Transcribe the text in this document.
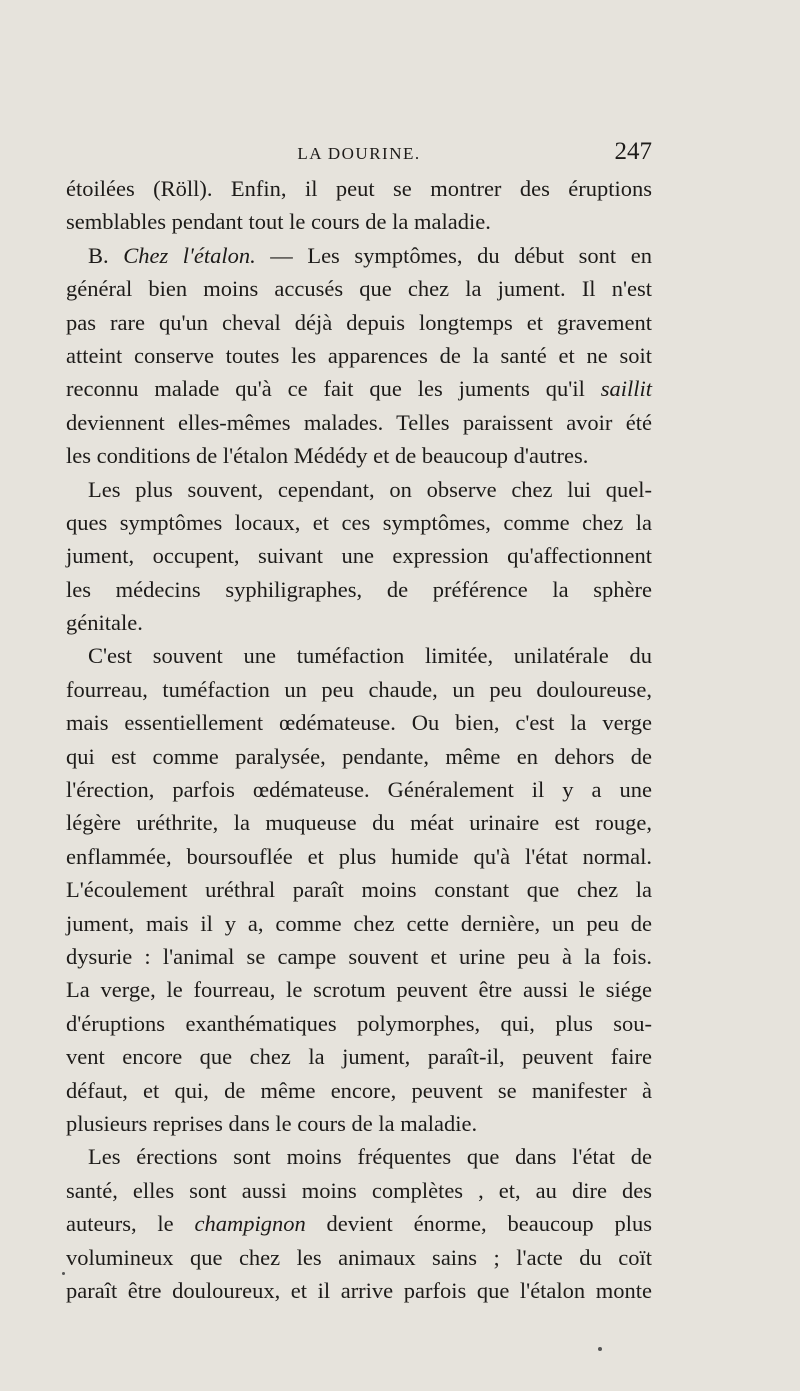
LA DOURINE.	247
étoilées (Röll). Enfin, il peut se montrer des éruptions
semblables pendant tout le cours de la maladie.
B. Chez l'étalon. — Les symptômes, du début sont en
général bien moins accusés que chez la jument. Il n'est
pas rare qu'un cheval déjà depuis longtemps et gravement
atteint conserve toutes les apparences de la santé et ne soit
reconnu malade qu'à ce fait que les juments qu'il saillit
deviennent elles-mêmes malades. Telles paraissent avoir été
les conditions de l'étalon Médédy et de beaucoup d'autres.
Les plus souvent, cependant, on observe chez lui quel-
ques symptômes locaux, et ces symptômes, comme chez la
jument, occupent, suivant une expression qu'affectionnent
les médecins syphiligraphes, de préférence la sphère
génitale.
C'est souvent une tuméfaction limitée, unilatérale du
fourreau, tuméfaction un peu chaude, un peu douloureuse,
mais essentiellement œdémateuse. Ou bien, c'est la verge
qui est comme paralysée, pendante, même en dehors de
l'érection, parfois œdémateuse. Généralement il y a une
légère uréthrite, la muqueuse du méat urinaire est rouge,
enflammée, boursouflée et plus humide qu'à l'état normal.
L'écoulement uréthral paraît moins constant que chez la
jument, mais il y a, comme chez cette dernière, un peu de
dysurie : l'animal se campe souvent et urine peu à la fois.
La verge, le fourreau, le scrotum peuvent être aussi le siége
d'éruptions exanthématiques polymorphes, qui, plus sou-
vent encore que chez la jument, paraît-il, peuvent faire
défaut, et qui, de même encore, peuvent se manifester à
plusieurs reprises dans le cours de la maladie.
Les érections sont moins fréquentes que dans l'état de
santé, elles sont aussi moins complètes , et, au dire des
auteurs, le champignon devient énorme, beaucoup plus
volumineux que chez les animaux sains ; l'acte du coït
paraît être douloureux, et il arrive parfois que l'étalon monte
